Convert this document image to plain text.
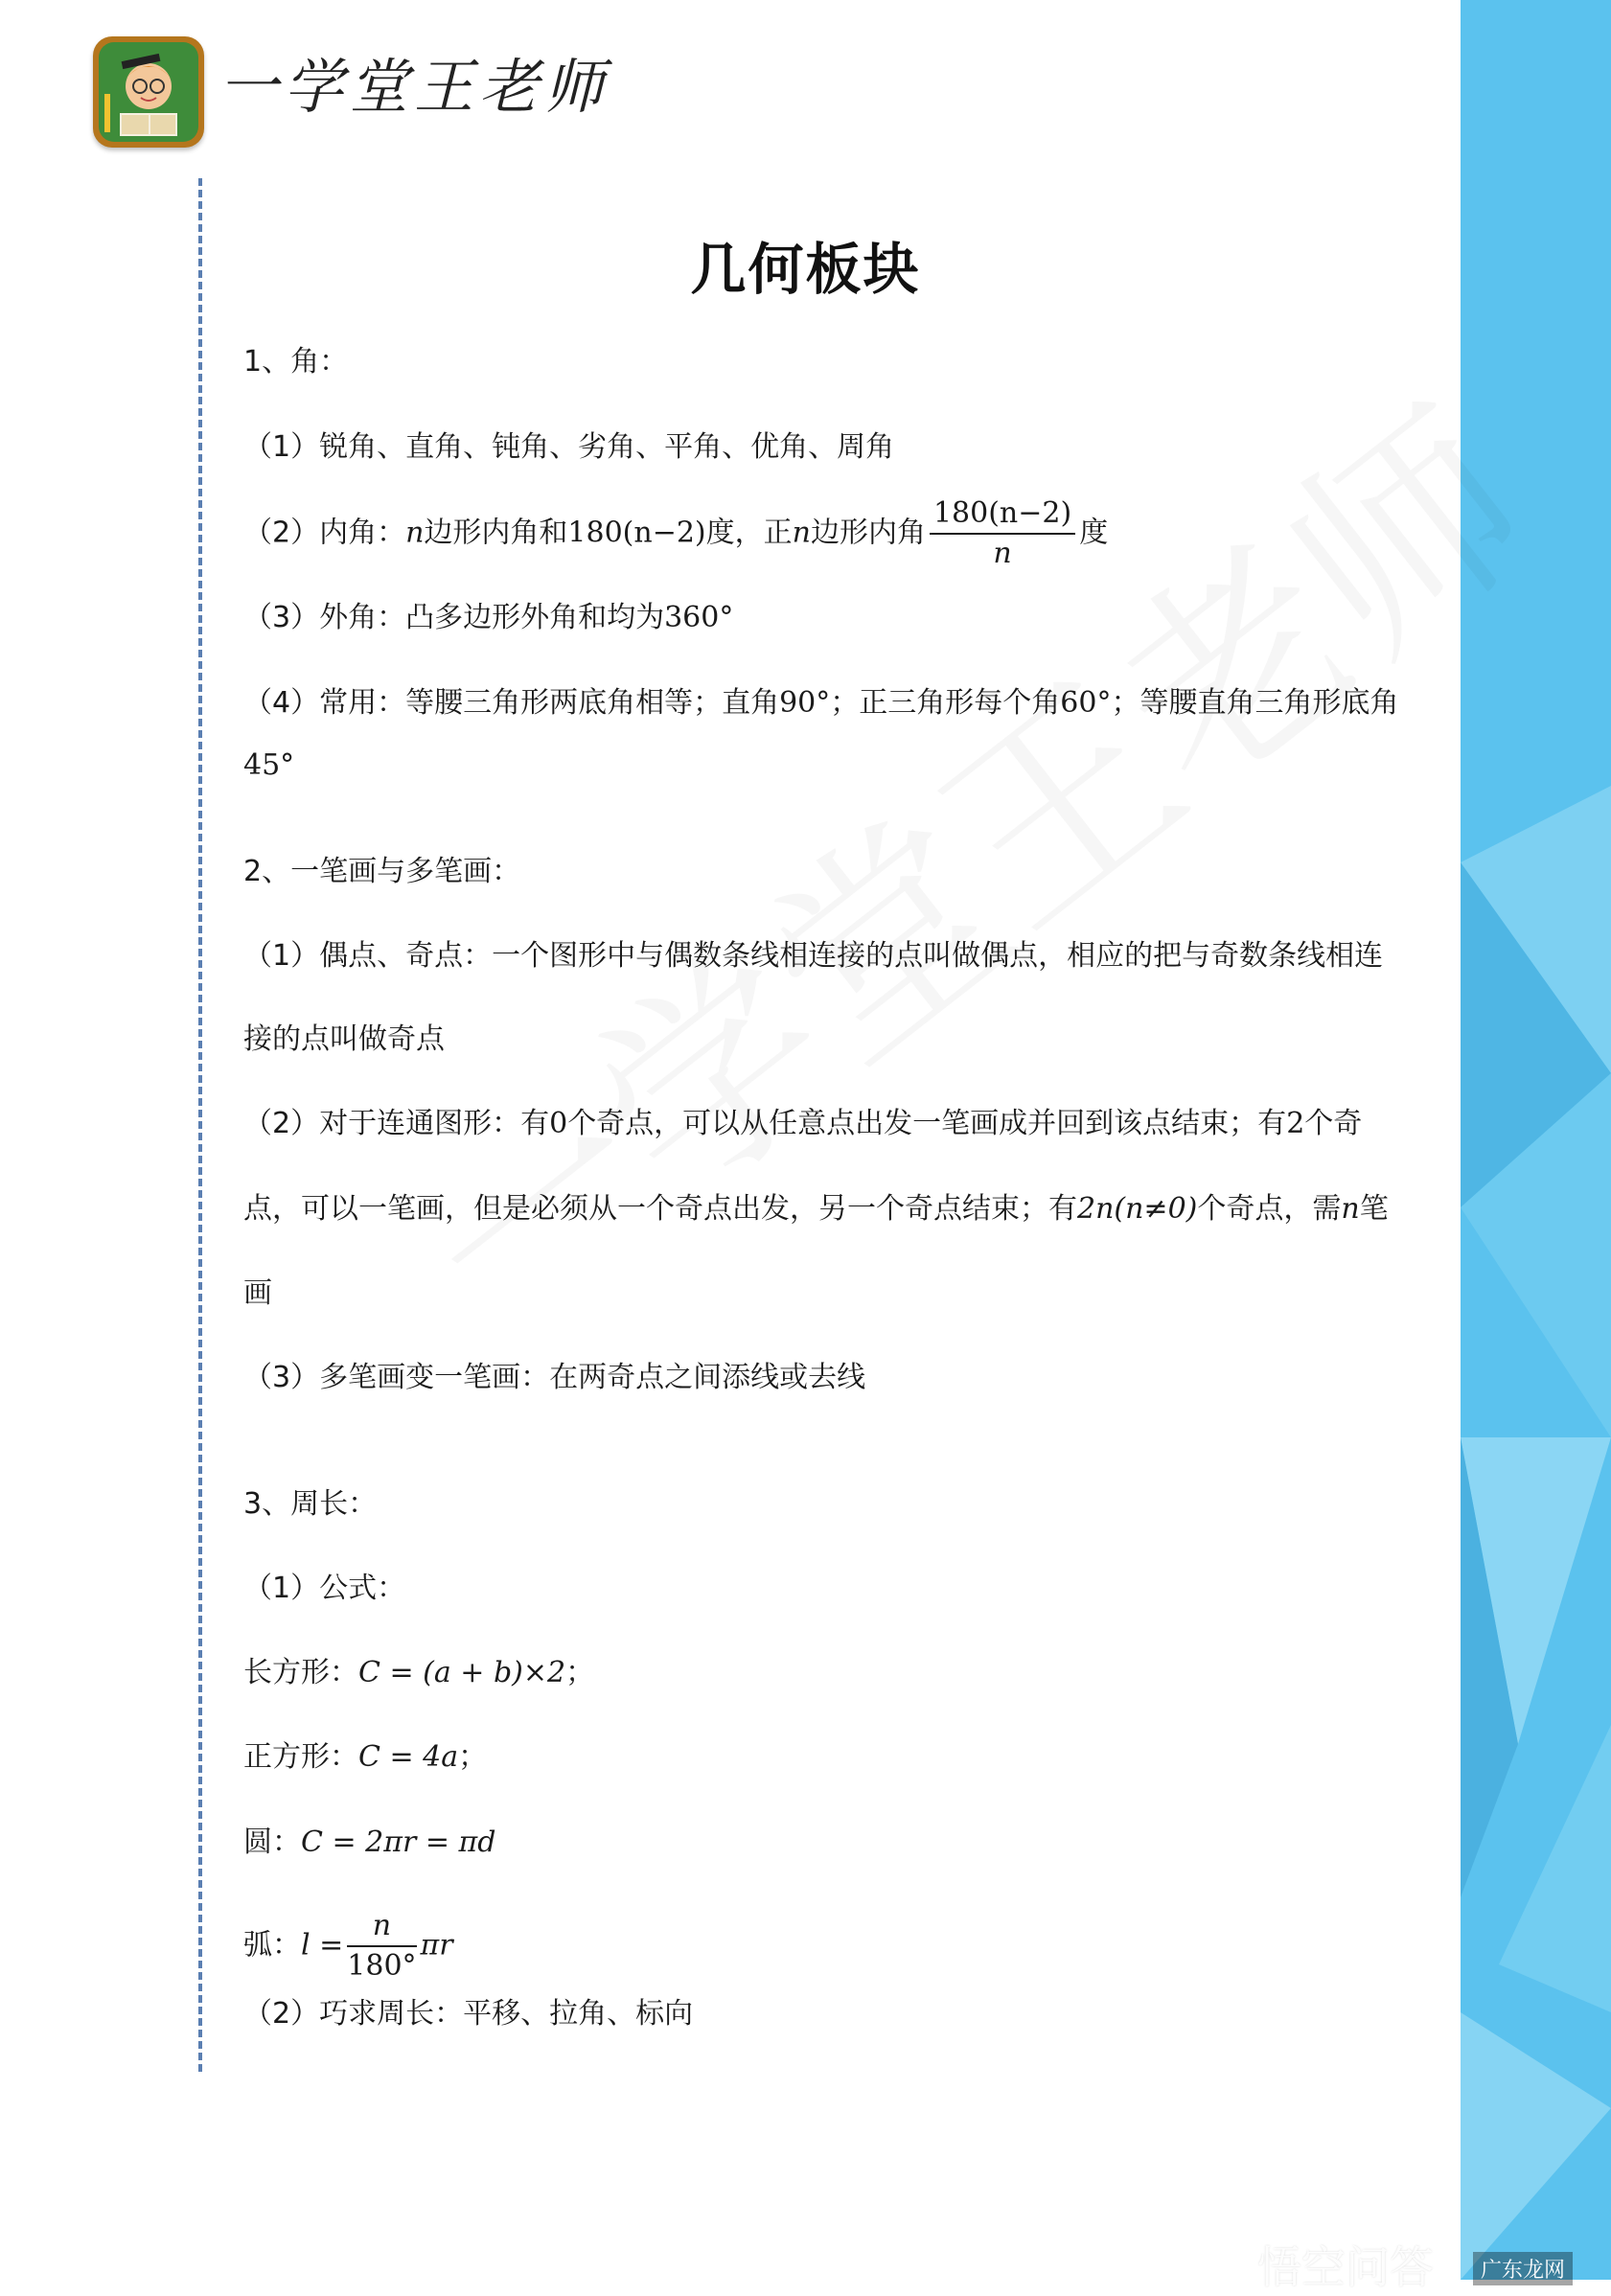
一学堂王老师
几何板块
1、角：
（1）锐角、直角、钝角、劣角、平角、优角、周角
（2）内角：n边形内角和180(n−2)度，正n边形内角 $\frac{180(n-2)}{n}$ 度
（3）外角：凸多边形外角和均为360°
（4）常用：等腰三角形两底角相等；直角90°；正三角形每个角60°；等腰直角三角形底角
45°
2、一笔画与多笔画：
（1）偶点、奇点：一个图形中与偶数条线相连接的点叫做偶点，相应的把与奇数条线相连
接的点叫做奇点
（2）对于连通图形：有0个奇点，可以从任意点出发一笔画成并回到该点结束；有2个奇
点，可以一笔画，但是必须从一个奇点出发，另一个奇点结束；有2n(n≠0)个奇点，需n笔
画
（3）多笔画变一笔画：在两奇点之间添线或去线
3、周长：
（1）公式：
长方形：C = (a + b)×2；
正方形：C = 4a；
圆：C = 2πr = πd
弧：$l = \frac{n}{180^\circ}$ πr
（2）巧求周长：平移、拉角、标向
悟空问答	广东龙网
